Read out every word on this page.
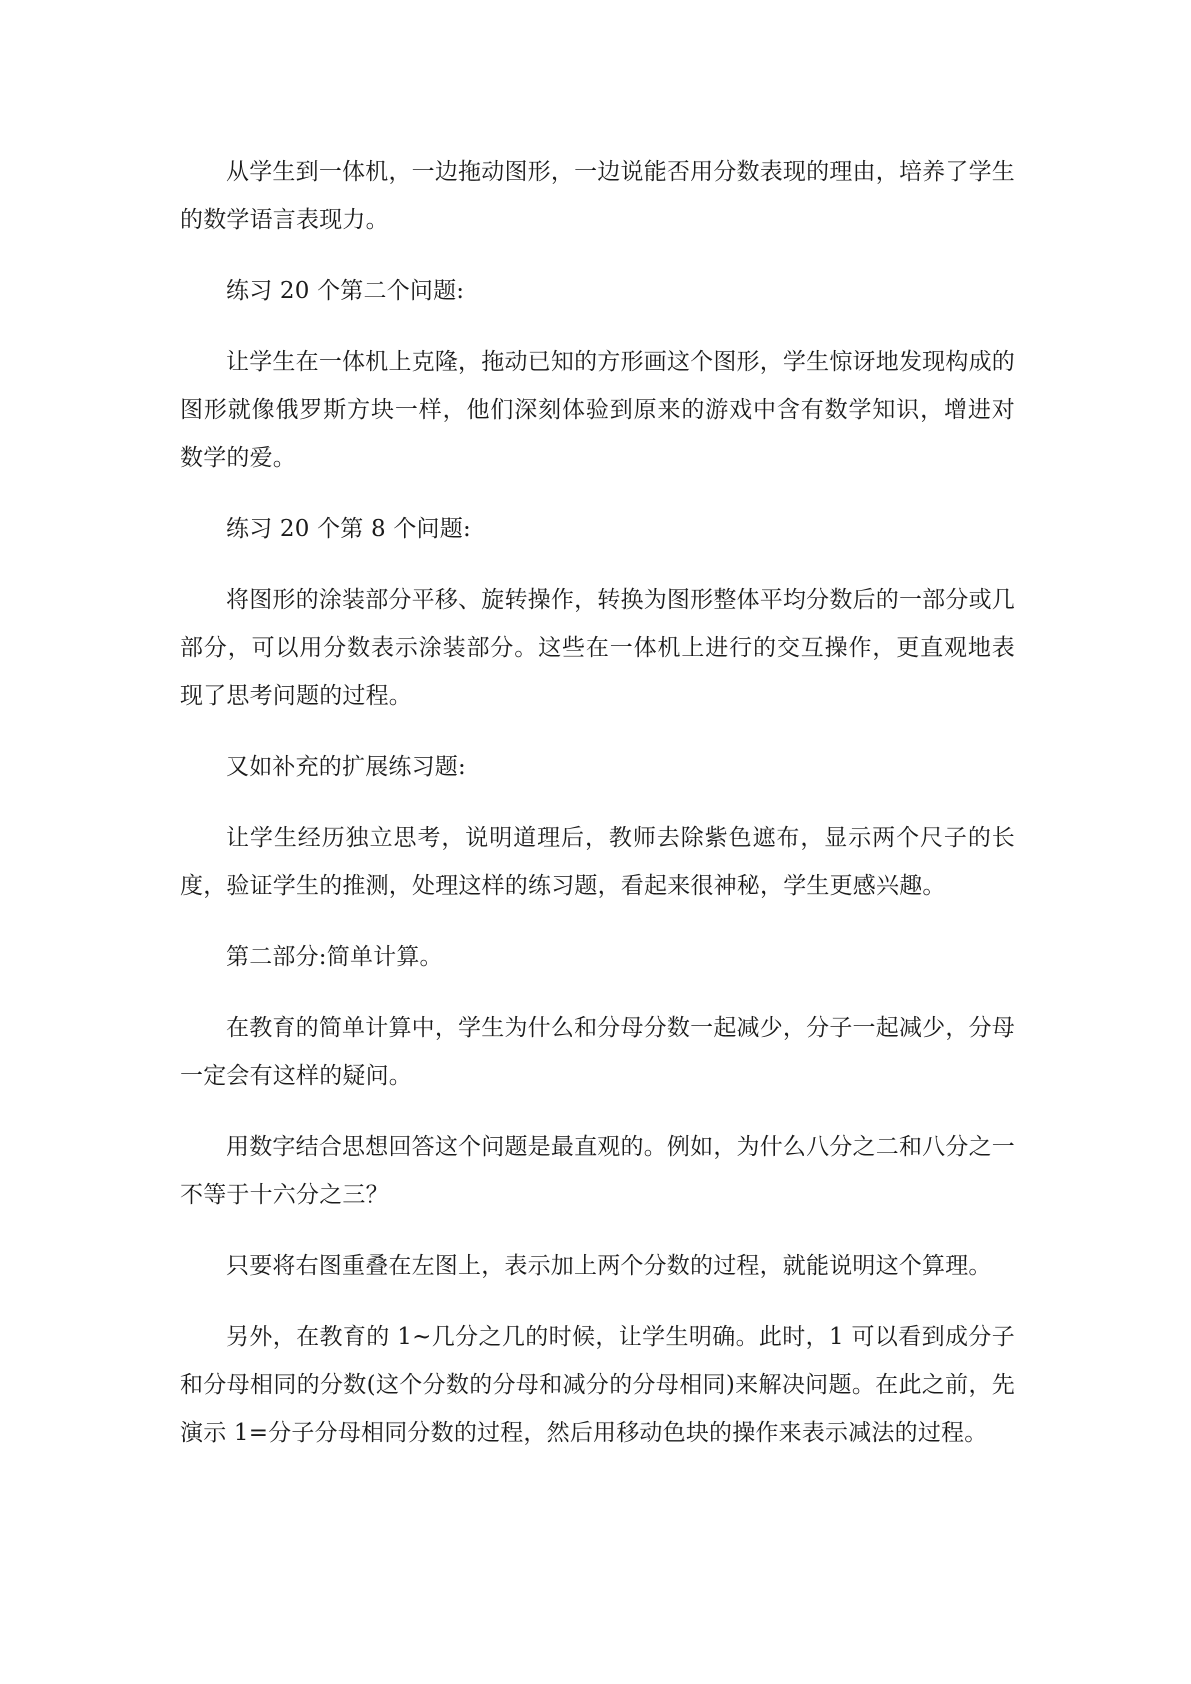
从学生到一体机，一边拖动图形，一边说能否用分数表现的理由，培养了学生的数学语言表现力。

练习 20 个第二个问题:

让学生在一体机上克隆，拖动已知的方形画这个图形，学生惊讶地发现构成的图形就像俄罗斯方块一样，他们深刻体验到原来的游戏中含有数学知识，增进对数学的爱。

练习 20 个第 8 个问题:

将图形的涂装部分平移、旋转操作，转换为图形整体平均分数后的一部分或几部分，可以用分数表示涂装部分。这些在一体机上进行的交互操作，更直观地表现了思考问题的过程。

又如补充的扩展练习题:

让学生经历独立思考，说明道理后，教师去除紫色遮布，显示两个尺子的长度，验证学生的推测，处理这样的练习题，看起来很神秘，学生更感兴趣。

第二部分:简单计算。

在教育的简单计算中，学生为什么和分母分数一起减少，分子一起减少，分母一定会有这样的疑问。

用数字结合思想回答这个问题是最直观的。例如，为什么八分之二和八分之一不等于十六分之三？

只要将右图重叠在左图上，表示加上两个分数的过程，就能说明这个算理。

另外，在教育的 1~几分之几的时候，让学生明确。此时，1 可以看到成分子和分母相同的分数(这个分数的分母和减分的分母相同)来解决问题。在此之前，先演示 1=分子分母相同分数的过程，然后用移动色块的操作来表示减法的过程。
